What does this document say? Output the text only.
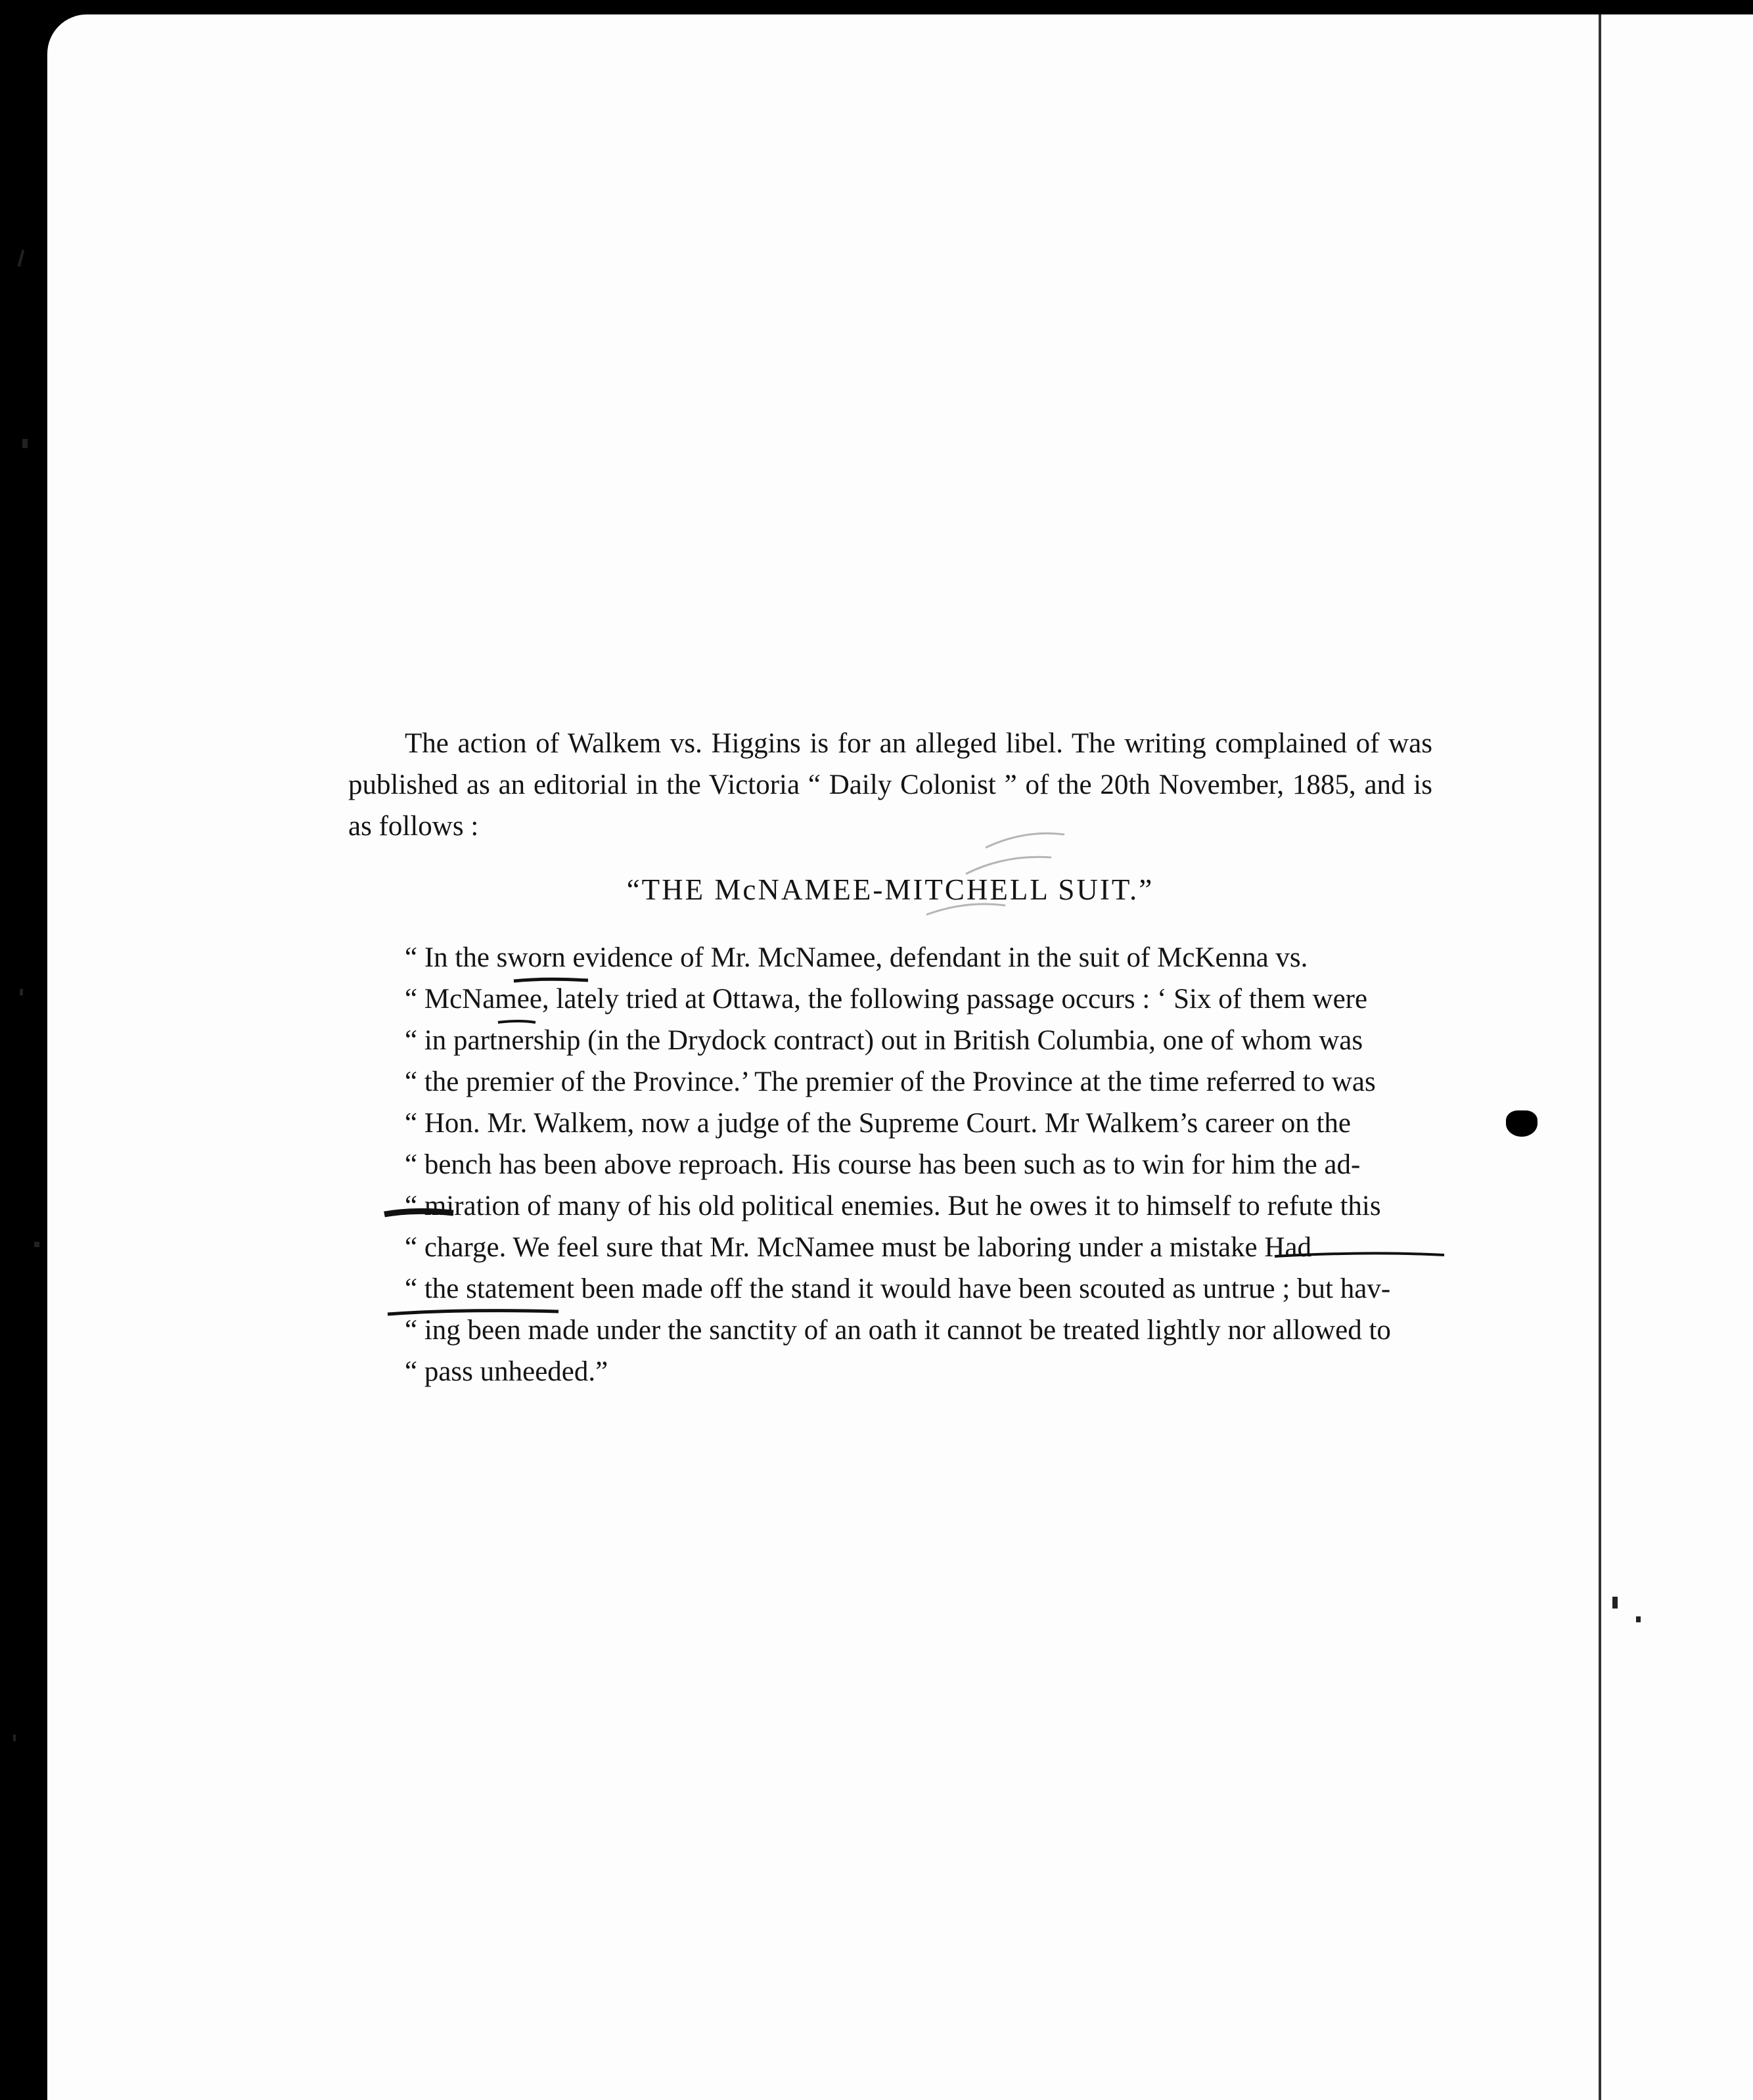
The action of Walkem vs. Higgins is for an alleged libel. The writing complained of was published as an editorial in the Victoria “ Daily Colonist ” of the 20th November, 1885, and is as follows :

“THE McNAMEE-MITCHELL SUIT.”
“ In the sworn evidence of Mr. McNamee, defendant in the suit of McKenna vs.
“ McNamee, lately tried at Ottawa, the following passage occurs : ‘ Six of them were
“ in partnership (in the Drydock contract) out in British Columbia, one of whom was
“ the premier of the Province.’ The premier of the Province at the time referred to was
“ Hon. Mr. Walkem, now a judge of the Supreme Court. Mr Walkem’s career on the
“ bench has been above reproach. His course has been such as to win for him the ad-
“ miration of many of his old political enemies. But he owes it to himself to refute this
“ charge. We feel sure that Mr. McNamee must be laboring under a mistake Had
“ the statement been made off the stand it would have been scouted as untrue ; but hav-
“ ing been made under the sanctity of an oath it cannot be treated lightly nor allowed to
“ pass unheeded.”
